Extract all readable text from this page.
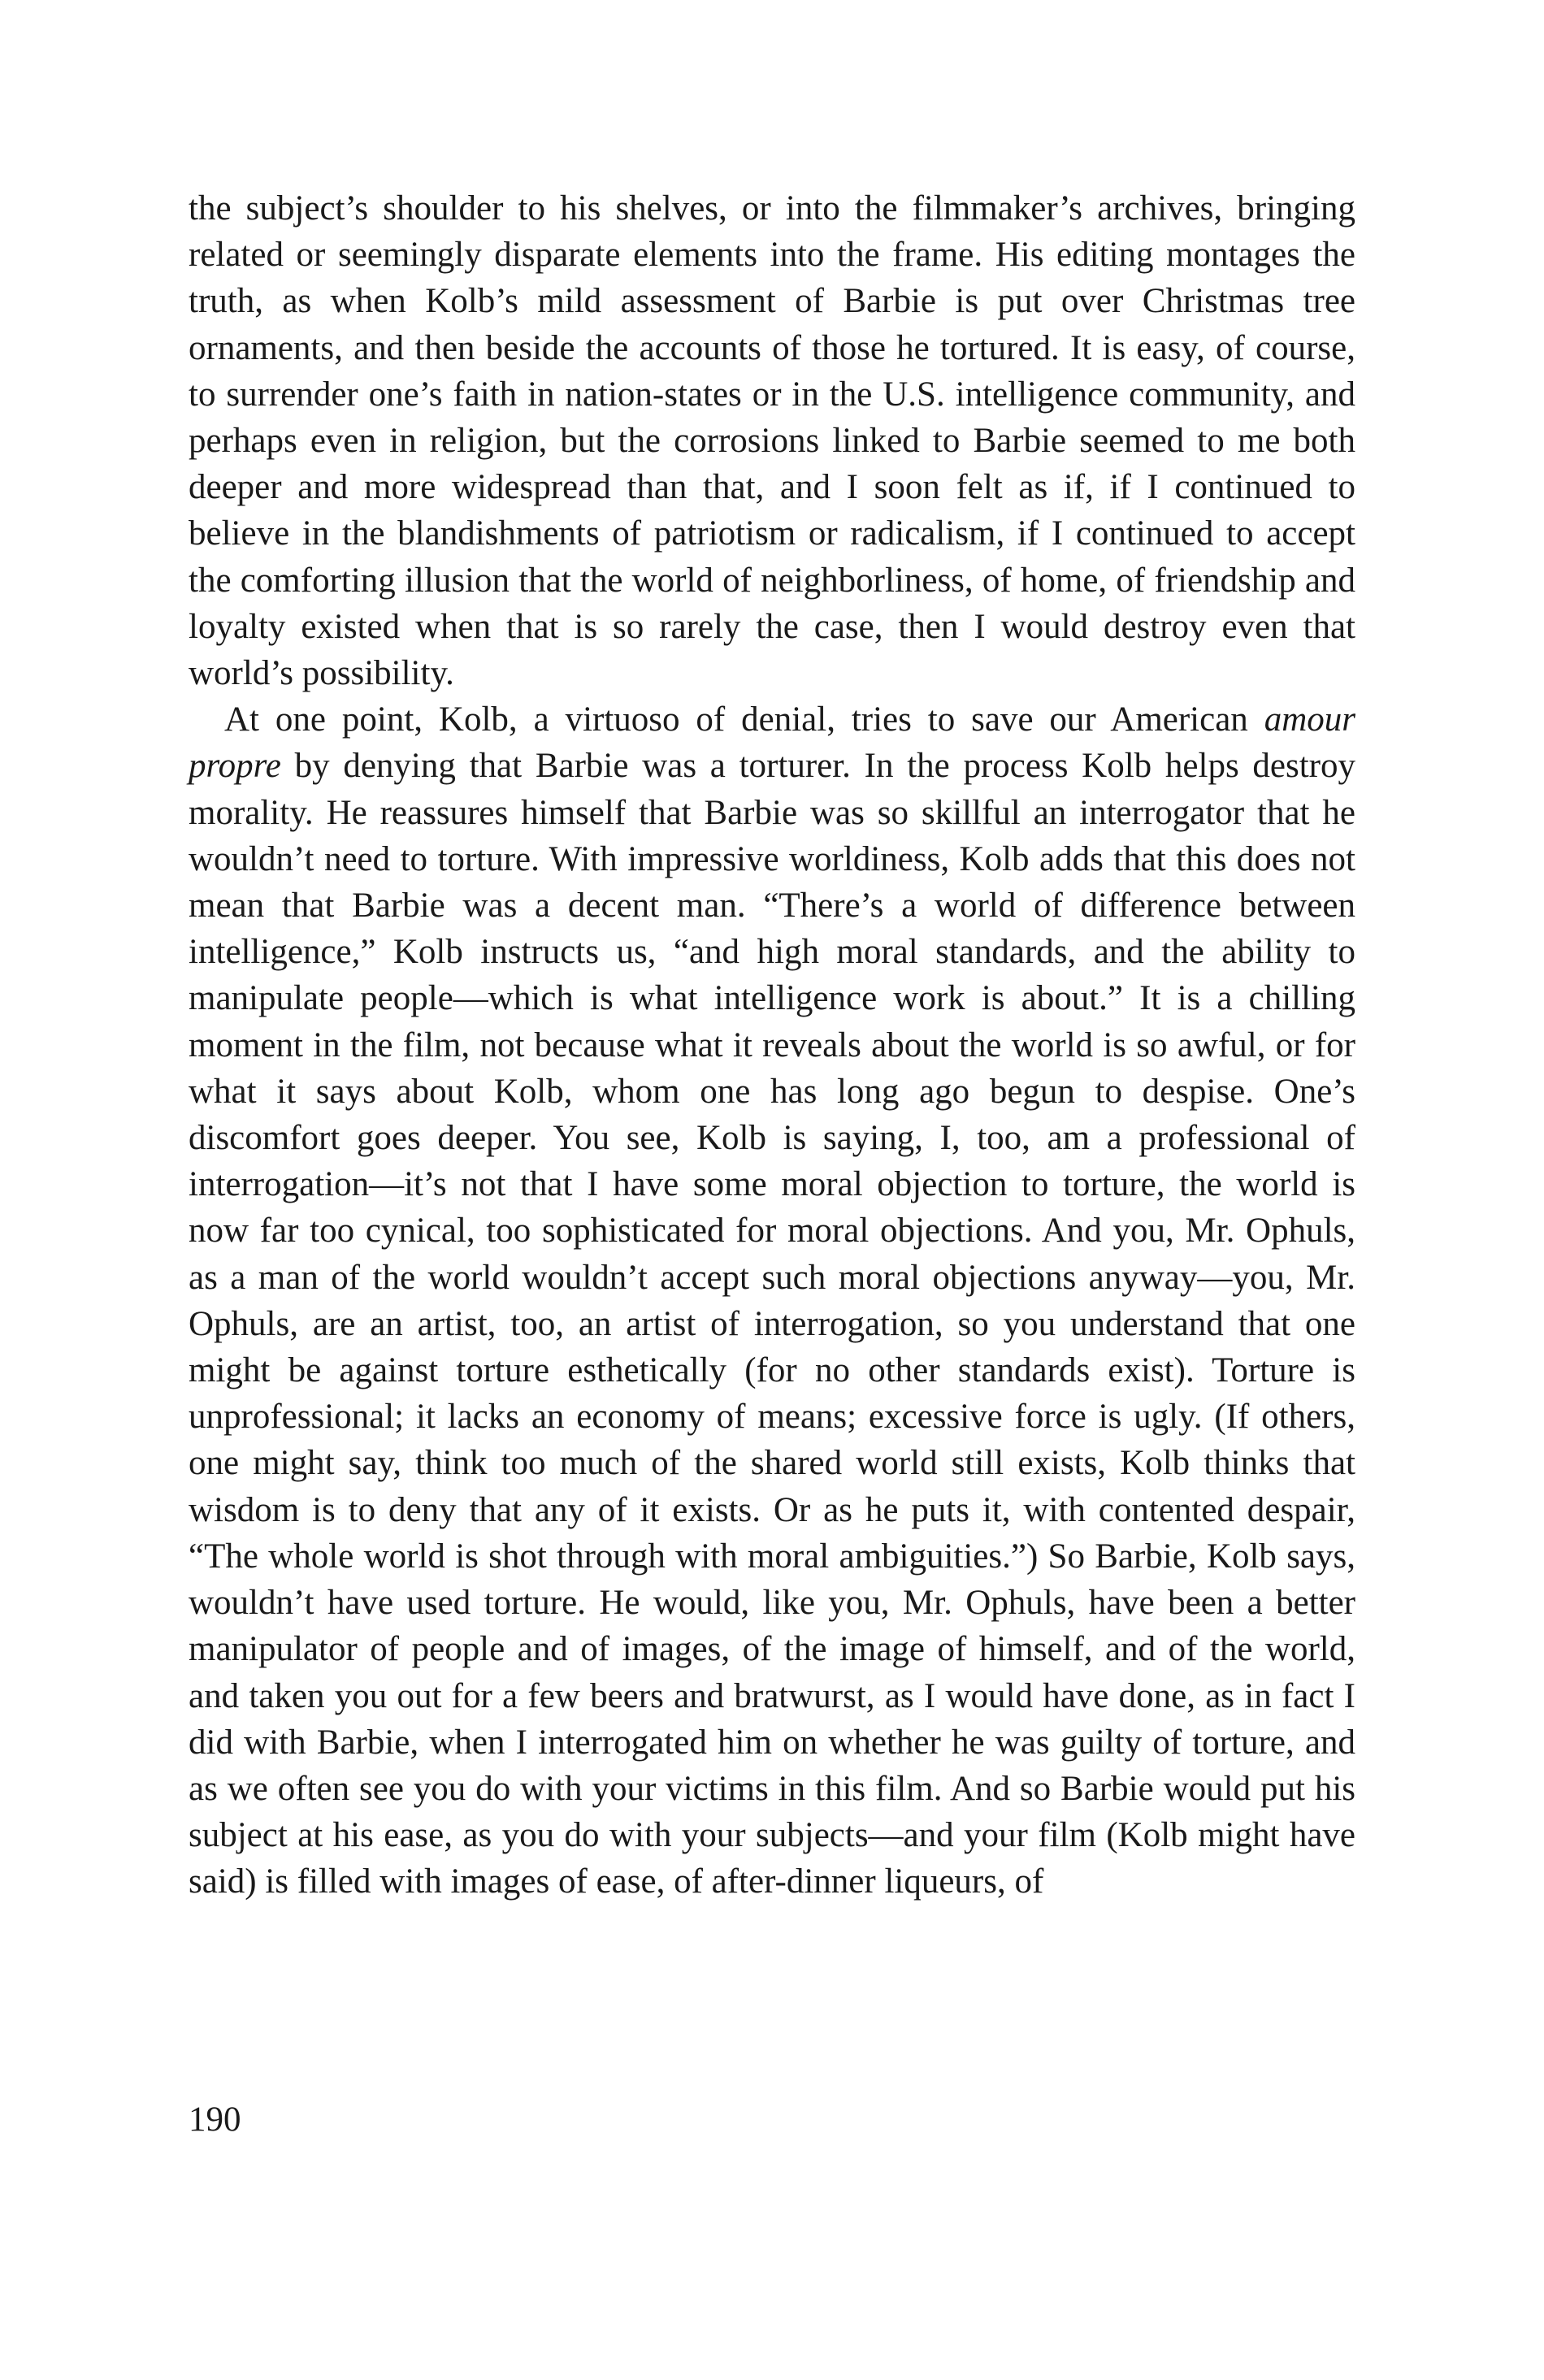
the subject’s shoulder to his shelves, or into the filmmaker’s archives, bringing related or seemingly disparate elements into the frame. His editing montages the truth, as when Kolb’s mild assessment of Barbie is put over Christmas tree ornaments, and then beside the accounts of those he tortured. It is easy, of course, to surrender one’s faith in nation-states or in the U.S. intelligence community, and perhaps even in religion, but the corrosions linked to Barbie seemed to me both deeper and more widespread than that, and I soon felt as if, if I continued to believe in the blandishments of patriotism or radicalism, if I continued to accept the comforting illusion that the world of neighborliness, of home, of friendship and loyalty existed when that is so rarely the case, then I would destroy even that world’s possibility.

At one point, Kolb, a virtuoso of denial, tries to save our American amour propre by denying that Barbie was a torturer. In the process Kolb helps destroy morality. He reassures himself that Barbie was so skillful an interrogator that he wouldn’t need to torture. With impressive worldiness, Kolb adds that this does not mean that Barbie was a decent man. “There’s a world of difference between intelligence,” Kolb instructs us, “and high moral standards, and the ability to manipulate people—which is what intelligence work is about.” It is a chilling moment in the film, not because what it reveals about the world is so awful, or for what it says about Kolb, whom one has long ago begun to despise. One’s discomfort goes deeper. You see, Kolb is saying, I, too, am a professional of interrogation—it’s not that I have some moral objection to torture, the world is now far too cynical, too sophisticated for moral objections. And you, Mr. Ophuls, as a man of the world wouldn’t accept such moral objections anyway—you, Mr. Ophuls, are an artist, too, an artist of interrogation, so you understand that one might be against torture esthetically (for no other standards exist). Torture is unprofessional; it lacks an economy of means; excessive force is ugly. (If others, one might say, think too much of the shared world still exists, Kolb thinks that wisdom is to deny that any of it exists. Or as he puts it, with contented despair, “The whole world is shot through with moral ambiguities.”) So Barbie, Kolb says, wouldn’t have used torture. He would, like you, Mr. Ophuls, have been a better manipulator of people and of images, of the image of himself, and of the world, and taken you out for a few beers and bratwurst, as I would have done, as in fact I did with Barbie, when I interrogated him on whether he was guilty of torture, and as we often see you do with your victims in this film. And so Barbie would put his subject at his ease, as you do with your subjects—and your film (Kolb might have said) is filled with images of ease, of after-dinner liqueurs, of

190
